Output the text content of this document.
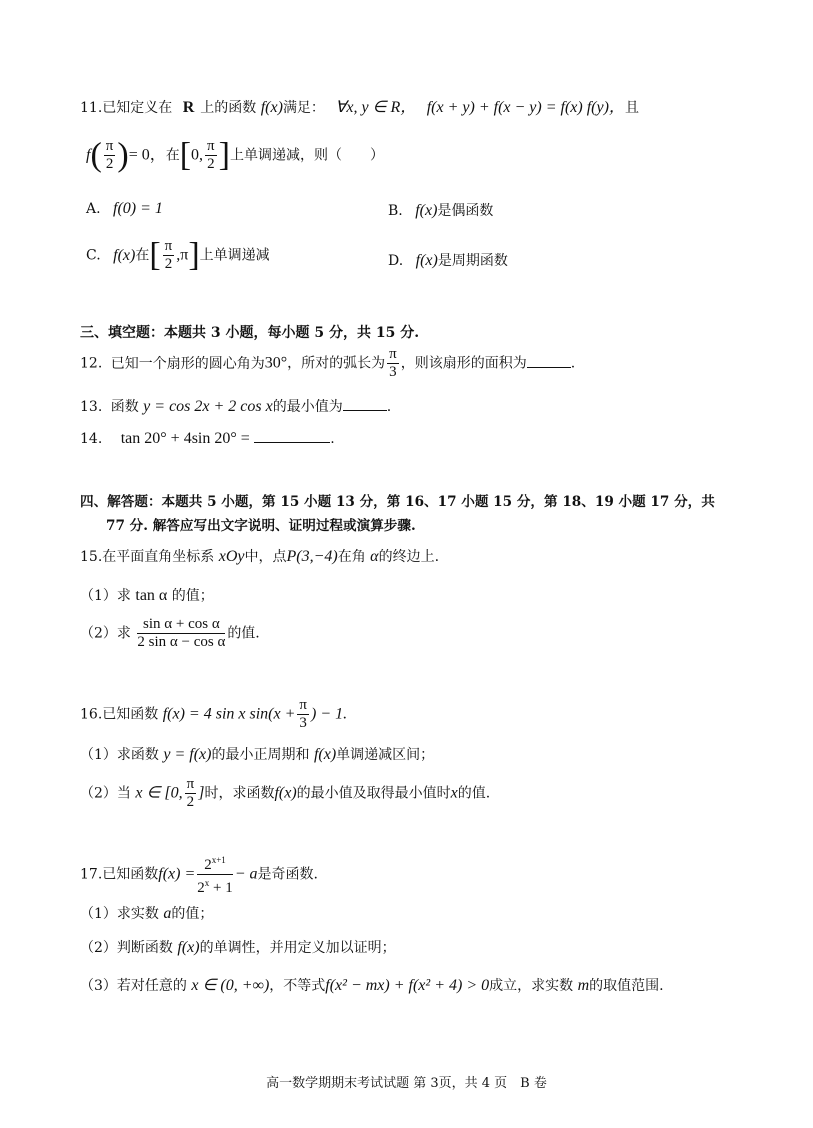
11.已知定义在 R 上的函数 f(x)满足： ∀x, y ∈ R， f(x + y) + f(x − y) = f(x) f(y)，且
$f( \frac{\pi}{2}$ )= 0，在[0, $\frac{\pi}{2}$ ]上单调递减，则（　　）
A. f(0) = 1	B. f(x)是偶函数
C. f(x)在[ $\frac{\pi}{2} ,\pi$]上单调递减	D. f(x)是周期函数
三、填空题：本题共 3 小题，每小题 5 分，共 15 分.
12. 已知一个扇形的圆心角为30°，所对的弧长为 $\frac{\pi}{3}$ ，则该扇形的面积为	.
13. 函数 y = cos 2x + 2 cos x的最小值为	.
14. tan 20° + 4sin 20° =	.
四、解答题：本题共 5 小题，第 15 小题 13 分，第 16、17 小题 15 分，第 18、19 小题 17 分，共
77 分. 解答应写出文字说明、证明过程或演算步骤.
15.在平面直角坐标系 xOy中，点P(3,−4)在角 α的终边上.
（1）求 tan α 的值；
（2）求 $\frac{\text{sin α + cos α}}{\text{2 sin α − cos α}}$ 的值.
16.已知函数 f(x) = 4 sin x $\sin(x + \frac{\pi}{3}$ ) − 1.
（1）求函数 y = f(x)的最小正周期和 f(x)单调递减区间；
（2）当 x ∈ [0, $\frac{\pi}{2}$ ]时，求函数f(x)的最小值及取得最小值时x的值.
17.已知函数$f(x) = \frac{2^{x+1}}{2^x + 1} - a$是奇函数.
（1）求实数 a的值；
（2）判断函数 f(x)的单调性，并用定义加以证明；
（3）若对任意的 x ∈ (0, +∞)，不等式f(x² − mx) + f(x² + 4) > 0成立，求实数 m的取值范围.
高一数学期期末考试试题 第 3页，共 4 页　B 卷
